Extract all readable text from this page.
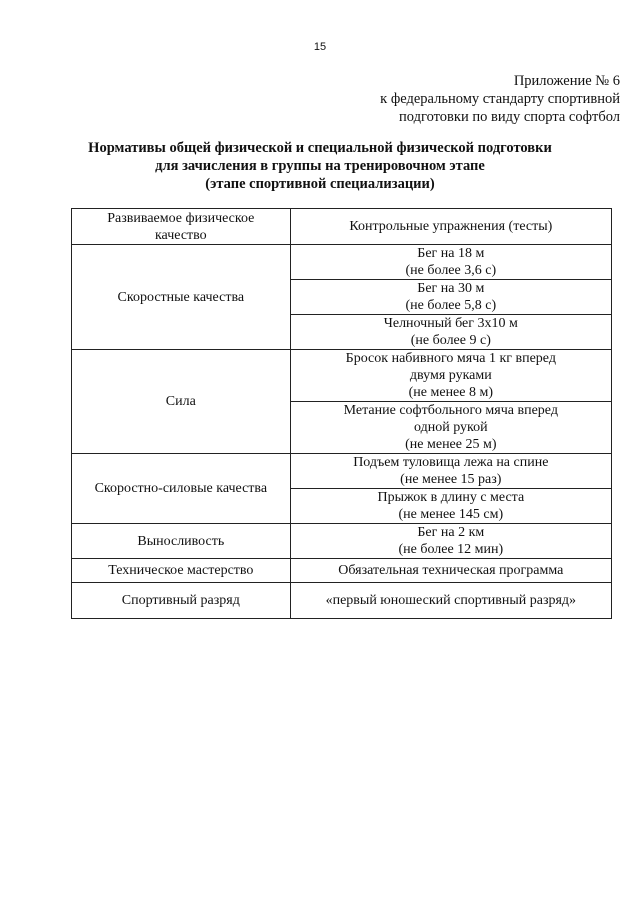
15
Приложение № 6
к федеральному стандарту спортивной
подготовки по виду спорта софтбол
Нормативы общей физической и специальной физической подготовки
для зачисления в группы на тренировочном этапе
(этапе спортивной специализации)
Развиваемое физическое
качество	Контрольные упражнения (тесты)
Скоростные качества	Бег на 18 м
(не более 3,6 с)

	Бег на 30 м
(не более 5,8 с)

	Челночный бег 3х10 м
(не более 9 с)

Сила	Бросок набивного мяча 1 кг вперед
двумя руками
(не менее 8 м)

	Метание софтбольного мяча вперед
одной рукой
(не менее 25 м)

Скоростно-силовые качества	Подъем туловища лежа на спине
(не менее 15 раз)

	Прыжок в длину с места
(не менее 145 см)

Выносливость	Бег на 2 км
(не более 12 мин)

Техническое мастерство	Обязательная техническая программа
Спортивный разряд	«первый юношеский спортивный разряд»
